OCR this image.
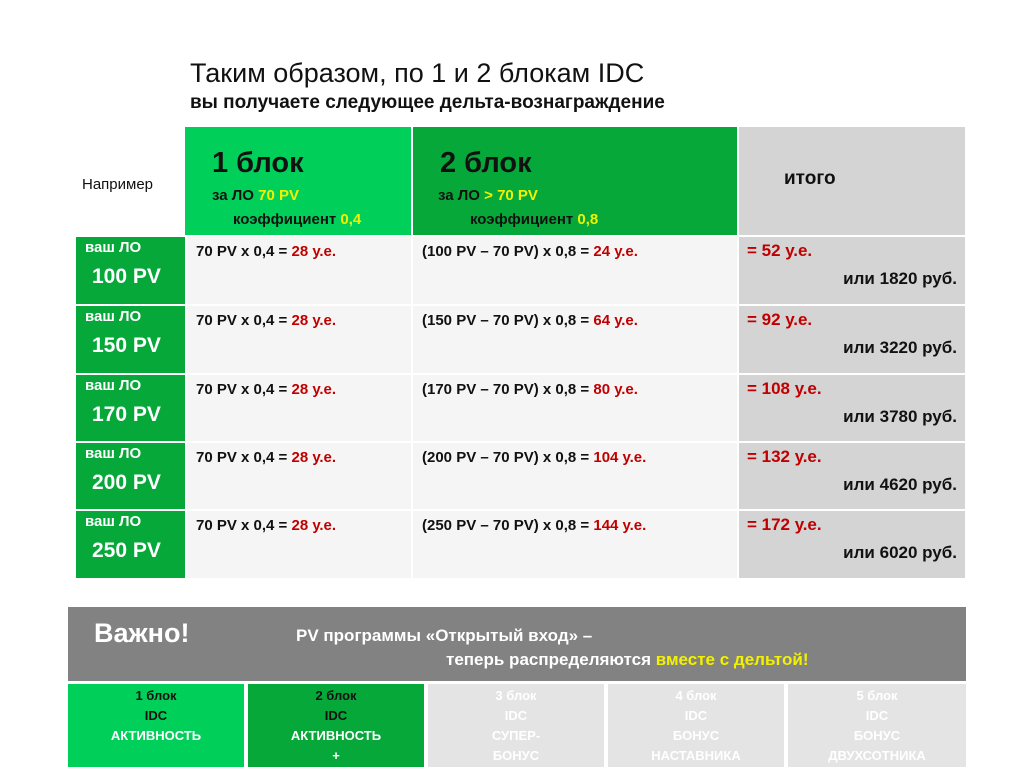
Таким образом, по 1 и 2 блокам IDC
вы получаете следующее дельта-вознаграждение
Например
1 блок
за ЛО 70 PV
коэффициент 0,4
2 блок
за ЛО > 70 PV
коэффициент 0,8
итого
ваш ЛО
100 PV
70 PV x 0,4 = 28 у.е.	(100 PV – 70 PV) x 0,8 = 24 у.е.	= 52 у.е.
или 1820 руб.
ваш ЛО
150 PV
70 PV x 0,4 = 28 у.е.	(150 PV – 70 PV) x 0,8 = 64 у.е.	= 92 у.е.
или 3220 руб.
ваш ЛО
170 PV
70 PV x 0,4 = 28 у.е.	(170 PV – 70 PV) x 0,8 = 80 у.е.	= 108 у.е.
или 3780 руб.
ваш ЛО
200 PV
70 PV x 0,4 = 28 у.е.	(200 PV – 70 PV) x 0,8 = 104 у.е.	= 132 у.е.
или 4620 руб.
ваш ЛО
250 PV
70 PV x 0,4 = 28 у.е.	(250 PV – 70 PV) x 0,8 = 144 у.е.	= 172 у.е.
или 6020 руб.
Важно!	PV программы «Открытый вход» –
теперь распределяются вместе с дельтой!
1 блок
IDC
АКТИВНОСТЬ
2 блок
IDC
АКТИВНОСТЬ
+
3 блок
IDC
СУПЕР-
БОНУС
4 блок
IDC
БОНУС
НАСТАВНИКА
5 блок
IDC
БОНУС
ДВУХСОТНИКА
